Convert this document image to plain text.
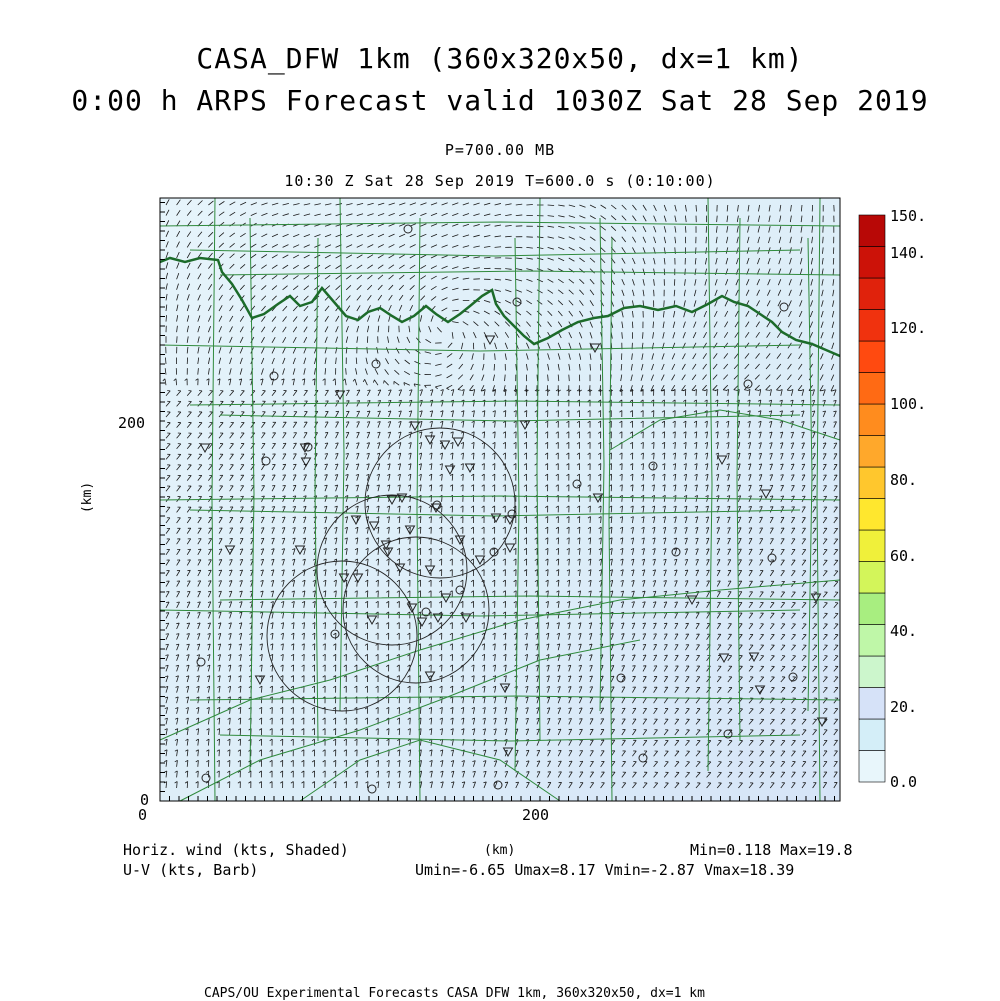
CASA_DFW 1km (360x320x50, dx=1 km)
0:00 h ARPS Forecast valid 1030Z Sat 28 Sep 2019
P=700.00 MB
10:30 Z Sat 28 Sep 2019 T=600.0 s (0:10:00)
0	200
0
200
(km)
(km)
150.
140.
120.
100.
80.
60.
40.
20.
0.0
Horiz. wind (kts, Shaded)
U-V (kts, Barb)
Min=0.118 Max=19.8
Umin=-6.65 Umax=8.17 Vmin=-2.87 Vmax=18.39
CAPS/OU Experimental Forecasts CASA DFW 1km, 360x320x50, dx=1 km
